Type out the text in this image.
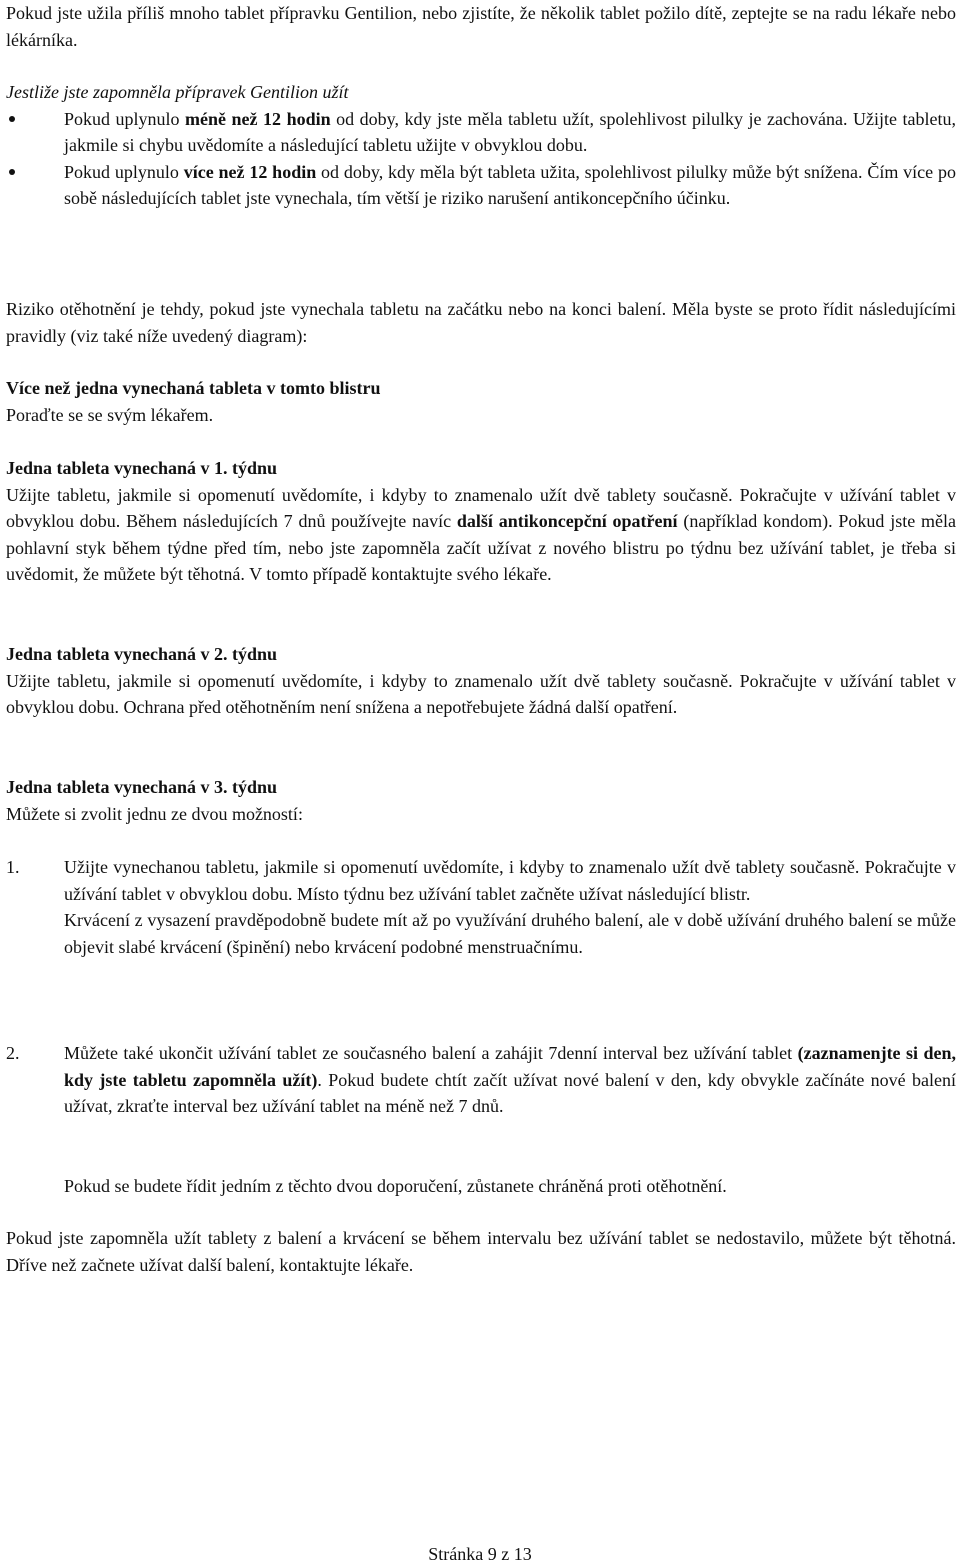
Pokud jste užila příliš mnoho tablet přípravku Gentilion, nebo zjistíte, že několik tablet požilo dítě, zeptejte se na radu lékaře nebo lékárníka.

Jestliže jste zapomněla přípravek Gentilion užít

Pokud uplynulo méně než 12 hodin od doby, kdy jste měla tabletu užít, spolehlivost pilulky je zachována. Užijte tabletu, jakmile si chybu uvědomíte a následující tabletu užijte v obvyklou dobu.
Pokud uplynulo více než 12 hodin od doby, kdy měla být tableta užita, spolehlivost pilulky může být snížena. Čím více po sobě následujících tablet jste vynechala, tím větší je riziko narušení antikoncepčního účinku.

Riziko otěhotnění je tehdy, pokud jste vynechala tabletu na začátku nebo na konci balení. Měla byste se proto řídit následujícími pravidly (viz také níže uvedený diagram):

Více než jedna vynechaná tableta v tomto blistru

Poraďte se se svým lékařem.

Jedna tableta vynechaná v 1. týdnu

Užijte tabletu, jakmile si opomenutí uvědomíte, i kdyby to znamenalo užít dvě tablety současně. Pokračujte v užívání tablet v obvyklou dobu. Během následujících 7 dnů používejte navíc další antikoncepční opatření (například kondom). Pokud jste měla pohlavní styk během týdne před tím, nebo jste zapomněla začít užívat z nového blistru po týdnu bez užívání tablet, je třeba si uvědomit, že můžete být těhotná. V tomto případě kontaktujte svého lékaře.

Jedna tableta vynechaná v 2. týdnu

Užijte tabletu, jakmile si opomenutí uvědomíte, i kdyby to znamenalo užít dvě tablety současně. Pokračujte v užívání tablet v obvyklou dobu. Ochrana před otěhotněním není snížena a nepotřebujete žádná další opatření.

Jedna tableta vynechaná v 3. týdnu

Můžete si zvolit jednu ze dvou možností:

1. Užijte vynechanou tabletu, jakmile si opomenutí uvědomíte, i kdyby to znamenalo užít dvě tablety současně. Pokračujte v užívání tablet v obvyklou dobu. Místo týdnu bez užívání tablet začněte užívat následující blistr.
Krvácení z vysazení pravděpodobně budete mít až po využívání druhého balení, ale v době užívání druhého balení se může objevit slabé krvácení (špinění) nebo krvácení podobné menstruačnímu.
2. Můžete také ukončit užívání tablet ze současného balení a zahájit 7denní interval bez užívání tablet (zaznamenjte si den, kdy jste tabletu zapomněla užít). Pokud budete chtít začít užívat nové balení v den, kdy obvykle začínáte nové balení užívat, zkraťte interval bez užívání tablet na méně než 7 dnů.
Pokud se budete řídit jedním z těchto dvou doporučení, zůstanete chráněná proti otěhotnění.

Pokud jste zapomněla užít tablety z balení a krvácení se během intervalu bez užívání tablet se nedostavilo, můžete být těhotná. Dříve než začnete užívat další balení, kontaktujte lékaře.

Stránka 9 z 13
